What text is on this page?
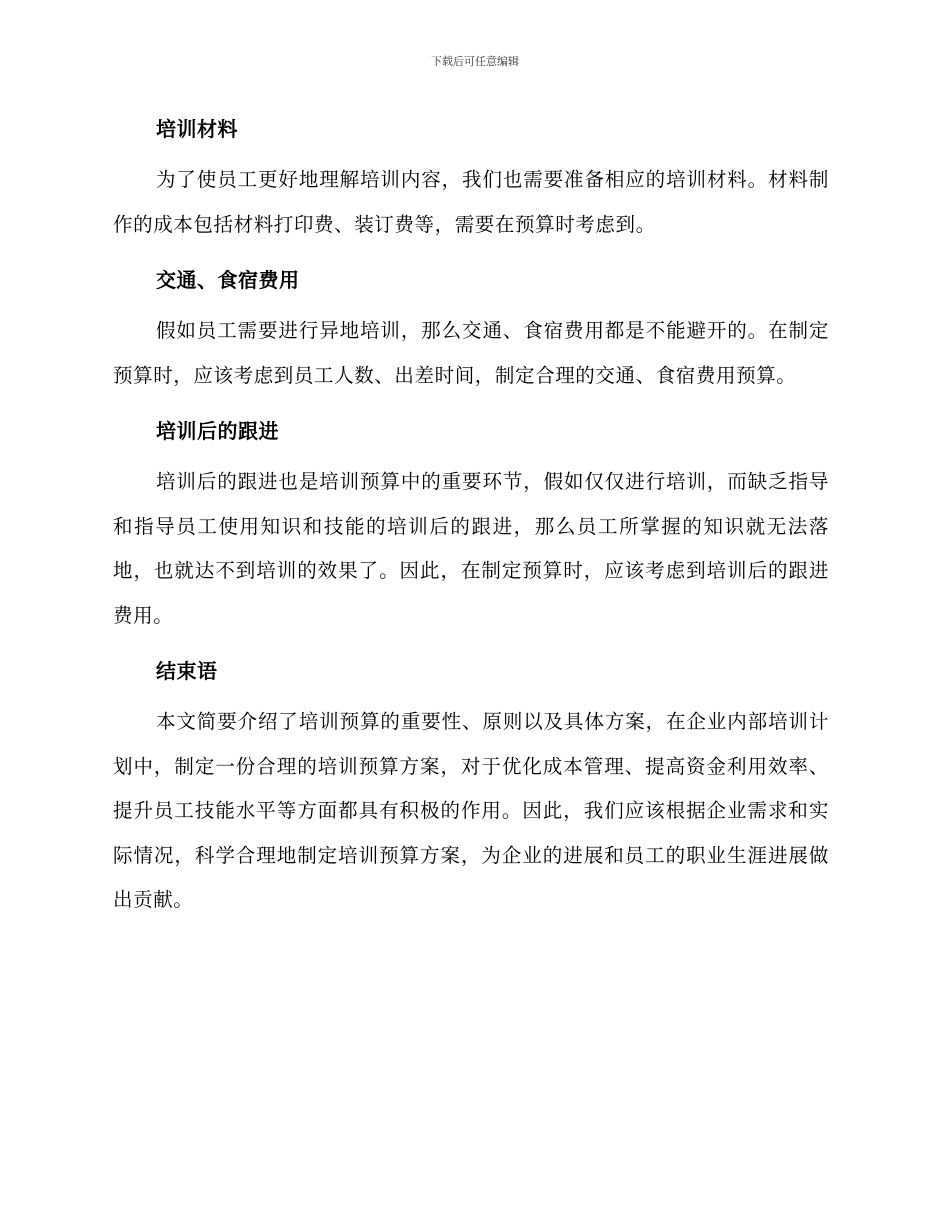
下载后可任意编辑
培训材料

为了使员工更好地理解培训内容，我们也需要准备相应的培训材料。材料制作的成本包括材料打印费、装订费等，需要在预算时考虑到。

交通、食宿费用

假如员工需要进行异地培训，那么交通、食宿费用都是不能避开的。在制定预算时，应该考虑到员工人数、出差时间，制定合理的交通、食宿费用预算。

培训后的跟进

培训后的跟进也是培训预算中的重要环节，假如仅仅进行培训，而缺乏指导和指导员工使用知识和技能的培训后的跟进，那么员工所掌握的知识就无法落地，也就达不到培训的效果了。因此，在制定预算时，应该考虑到培训后的跟进费用。

结束语

本文简要介绍了培训预算的重要性、原则以及具体方案，在企业内部培训计划中，制定一份合理的培训预算方案，对于优化成本管理、提高资金利用效率、提升员工技能水平等方面都具有积极的作用。因此，我们应该根据企业需求和实际情况，科学合理地制定培训预算方案，为企业的进展和员工的职业生涯进展做出贡献。
